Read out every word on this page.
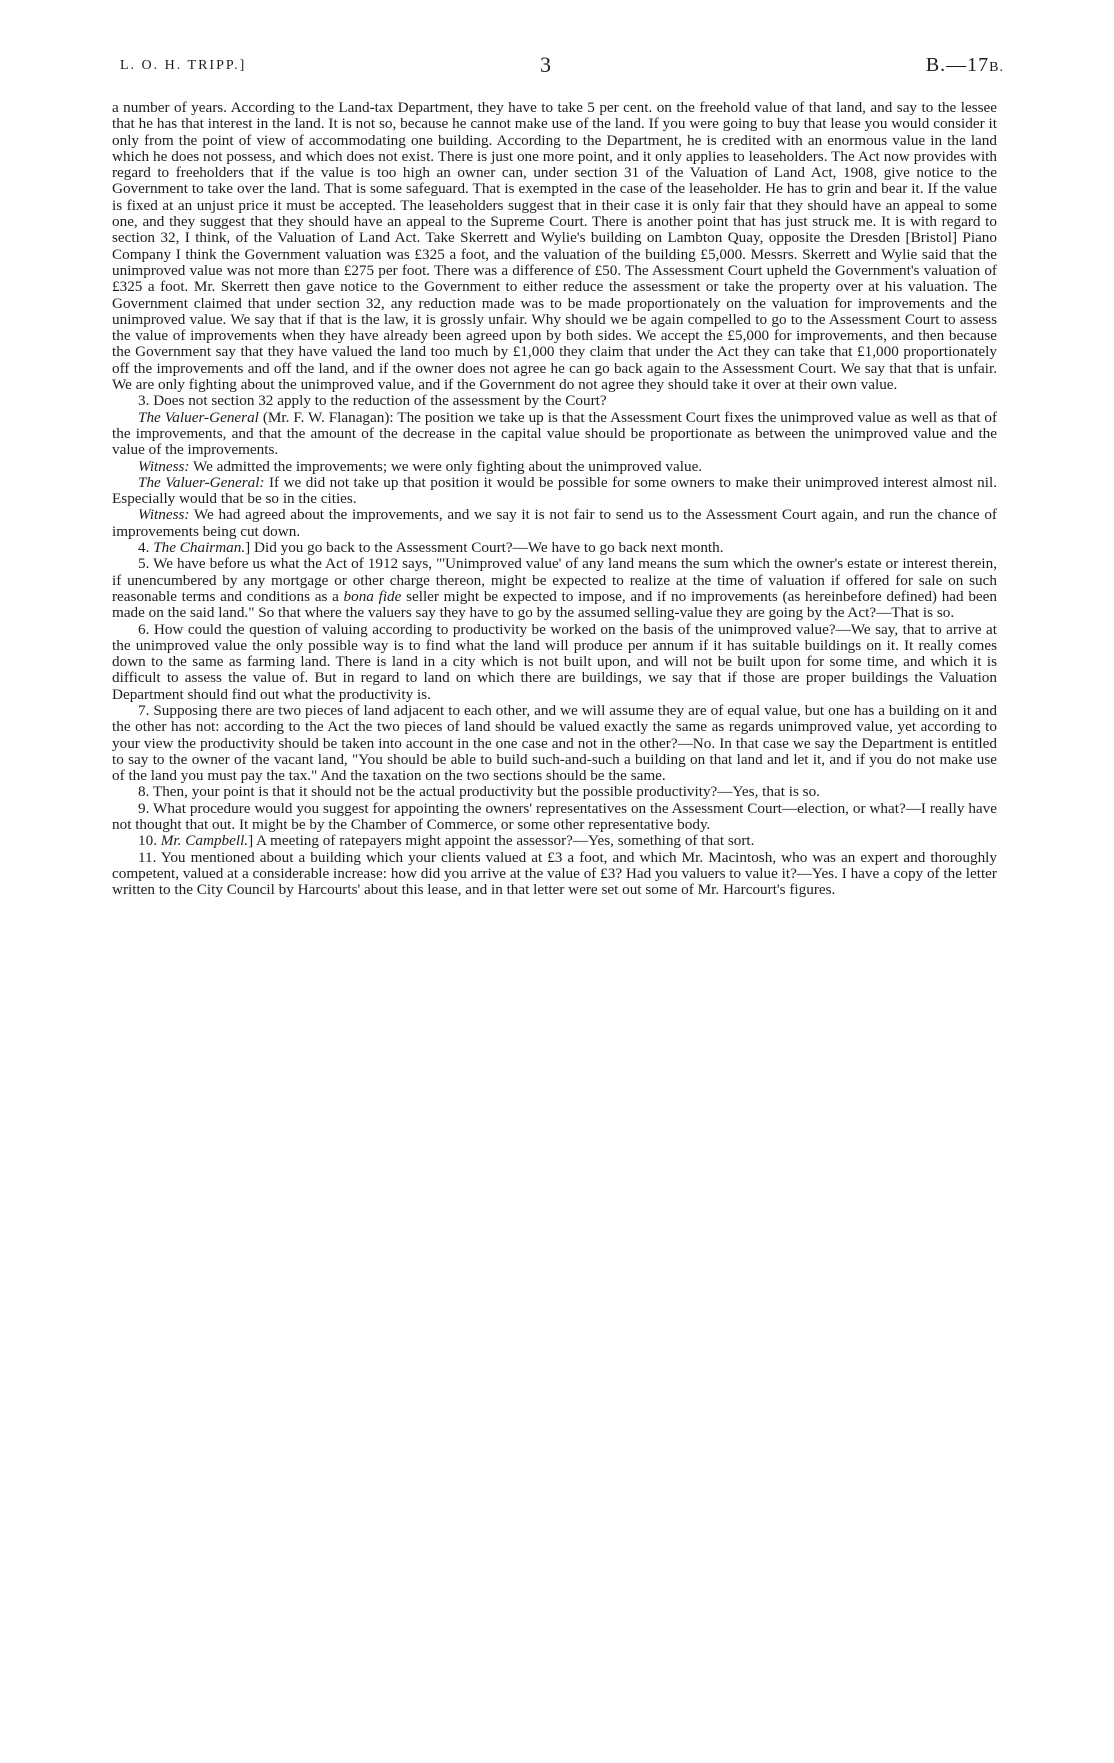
L. O. H. TRIPP.]	3	B.—17B.

a number of years. According to the Land-tax Department, they have to take 5 per cent. on the freehold value of that land, and say to the lessee that he has that interest in the land. It is not so, because he cannot make use of the land. If you were going to buy that lease you would consider it only from the point of view of accommodating one building. According to the Department, he is credited with an enormous value in the land which he does not possess, and which does not exist. There is just one more point, and it only applies to leaseholders. The Act now provides with regard to freeholders that if the value is too high an owner can, under section 31 of the Valuation of Land Act, 1908, give notice to the Government to take over the land. That is some safeguard. That is exempted in the case of the leaseholder. He has to grin and bear it. If the value is fixed at an unjust price it must be accepted. The leaseholders suggest that in their case it is only fair that they should have an appeal to some one, and they suggest that they should have an appeal to the Supreme Court. There is another point that has just struck me. It is with regard to section 32, I think, of the Valuation of Land Act. Take Skerrett and Wylie's building on Lambton Quay, opposite the Dresden [Bristol] Piano Company I think the Government valuation was £325 a foot, and the valuation of the building £5,000. Messrs. Skerrett and Wylie said that the unimproved value was not more than £275 per foot. There was a difference of £50. The Assessment Court upheld the Government's valuation of £325 a foot. Mr. Skerrett then gave notice to the Government to either reduce the assessment or take the property over at his valuation. The Government claimed that under section 32, any reduction made was to be made proportionately on the valuation for improvements and the unimproved value. We say that if that is the law, it is grossly unfair. Why should we be again compelled to go to the Assessment Court to assess the value of improvements when they have already been agreed upon by both sides. We accept the £5,000 for improvements, and then because the Government say that they have valued the land too much by £1,000 they claim that under the Act they can take that £1,000 proportionately off the improvements and off the land, and if the owner does not agree he can go back again to the Assessment Court. We say that that is unfair. We are only fighting about the unimproved value, and if the Government do not agree they should take it over at their own value.

3. Does not section 32 apply to the reduction of the assessment by the Court?

The Valuer-General (Mr. F. W. Flanagan): The position we take up is that the Assessment Court fixes the unimproved value as well as that of the improvements, and that the amount of the decrease in the capital value should be proportionate as between the unimproved value and the value of the improvements.

Witness: We admitted the improvements; we were only fighting about the unimproved value.

The Valuer-General: If we did not take up that position it would be possible for some owners to make their unimproved interest almost nil. Especially would that be so in the cities.

Witness: We had agreed about the improvements, and we say it is not fair to send us to the Assessment Court again, and run the chance of improvements being cut down.

4. The Chairman.] Did you go back to the Assessment Court?—We have to go back next month.

5. We have before us what the Act of 1912 says, "'Unimproved value' of any land means the sum which the owner's estate or interest therein, if unencumbered by any mortgage or other charge thereon, might be expected to realize at the time of valuation if offered for sale on such reasonable terms and conditions as a bona fide seller might be expected to impose, and if no improvements (as hereinbefore defined) had been made on the said land." So that where the valuers say they have to go by the assumed selling-value they are going by the Act?—That is so.

6. How could the question of valuing according to productivity be worked on the basis of the unimproved value?—We say, that to arrive at the unimproved value the only possible way is to find what the land will produce per annum if it has suitable buildings on it. It really comes down to the same as farming land. There is land in a city which is not built upon, and will not be built upon for some time, and which it is difficult to assess the value of. But in regard to land on which there are buildings, we say that if those are proper buildings the Valuation Department should find out what the productivity is.

7. Supposing there are two pieces of land adjacent to each other, and we will assume they are of equal value, but one has a building on it and the other has not: according to the Act the two pieces of land should be valued exactly the same as regards unimproved value, yet according to your view the productivity should be taken into account in the one case and not in the other?—No. In that case we say the Department is entitled to say to the owner of the vacant land, "You should be able to build such-and-such a building on that land and let it, and if you do not make use of the land you must pay the tax." And the taxation on the two sections should be the same.

8. Then, your point is that it should not be the actual productivity but the possible productivity?—Yes, that is so.

9. What procedure would you suggest for appointing the owners' representatives on the Assessment Court—election, or what?—I really have not thought that out. It might be by the Chamber of Commerce, or some other representative body.

10. Mr. Campbell.] A meeting of ratepayers might appoint the assessor?—Yes, something of that sort.

11. You mentioned about a building which your clients valued at £3 a foot, and which Mr. Macintosh, who was an expert and thoroughly competent, valued at a considerable increase: how did you arrive at the value of £3? Had you valuers to value it?—Yes. I have a copy of the letter written to the City Council by Harcourts' about this lease, and in that letter were set out some of Mr. Harcourt's figures.
